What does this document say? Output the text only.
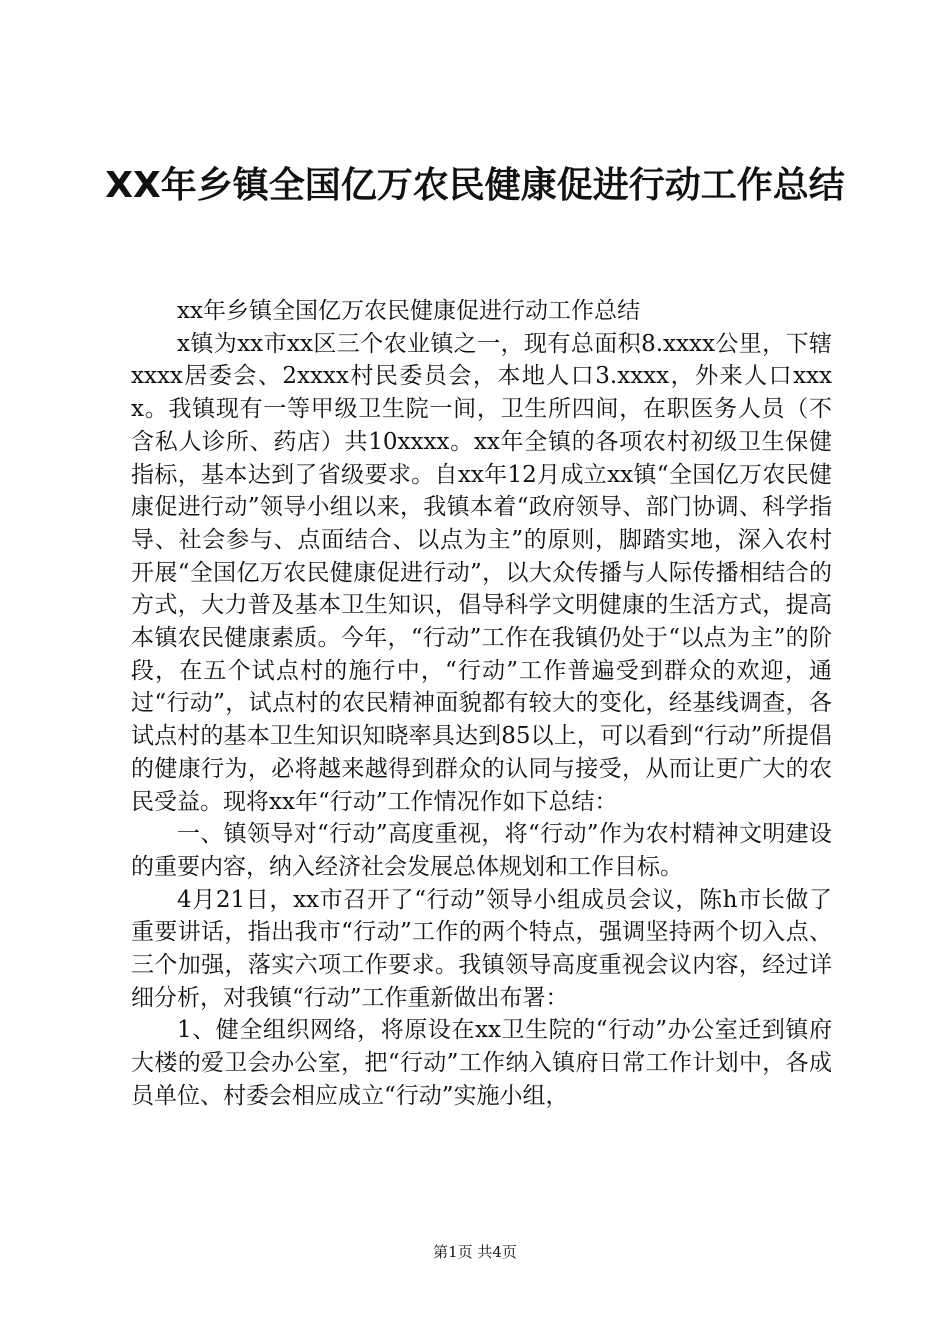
XX年乡镇全国亿万农民健康促进行动工作总结

xx年乡镇全国亿万农民健康促进行动工作总结

x镇为xx市xx区三个农业镇之一，现有总面积8.xxxx公里，下辖xxxx居委会、2xxxx村民委员会，本地人口3.xxxx，外来人口xxxx。我镇现有一等甲级卫生院一间，卫生所四间，在职医务人员（不含私人诊所、药店）共10xxxx。xx年全镇的各项农村初级卫生保健指标，基本达到了省级要求。自xx年12月成立xx镇“全国亿万农民健康促进行动”领导小组以来，我镇本着“政府领导、部门协调、科学指导、社会参与、点面结合、以点为主”的原则，脚踏实地，深入农村开展“全国亿万农民健康促进行动”，以大众传播与人际传播相结合的方式，大力普及基本卫生知识，倡导科学文明健康的生活方式，提高本镇农民健康素质。今年，“行动”工作在我镇仍处于“以点为主”的阶段，在五个试点村的施行中，“行动”工作普遍受到群众的欢迎，通过“行动”，试点村的农民精神面貌都有较大的变化，经基线调查，各试点村的基本卫生知识知晓率具达到85以上，可以看到“行动”所提倡的健康行为，必将越来越得到群众的认同与接受，从而让更广大的农民受益。现将xx年“行动”工作情况作如下总结：

一、镇领导对“行动”高度重视，将“行动”作为农村精神文明建设的重要内容，纳入经济社会发展总体规划和工作目标。

4月21日，xx市召开了“行动”领导小组成员会议，陈h市长做了重要讲话，指出我市“行动”工作的两个特点，强调坚持两个切入点、三个加强，落实六项工作要求。我镇领导高度重视会议内容，经过详细分析，对我镇“行动”工作重新做出布署：

1、健全组织网络，将原设在xx卫生院的“行动”办公室迁到镇府大楼的爱卫会办公室，把“行动”工作纳入镇府日常工作计划中，各成员单位、村委会相应成立“行动”实施小组，

第1页 共4页
